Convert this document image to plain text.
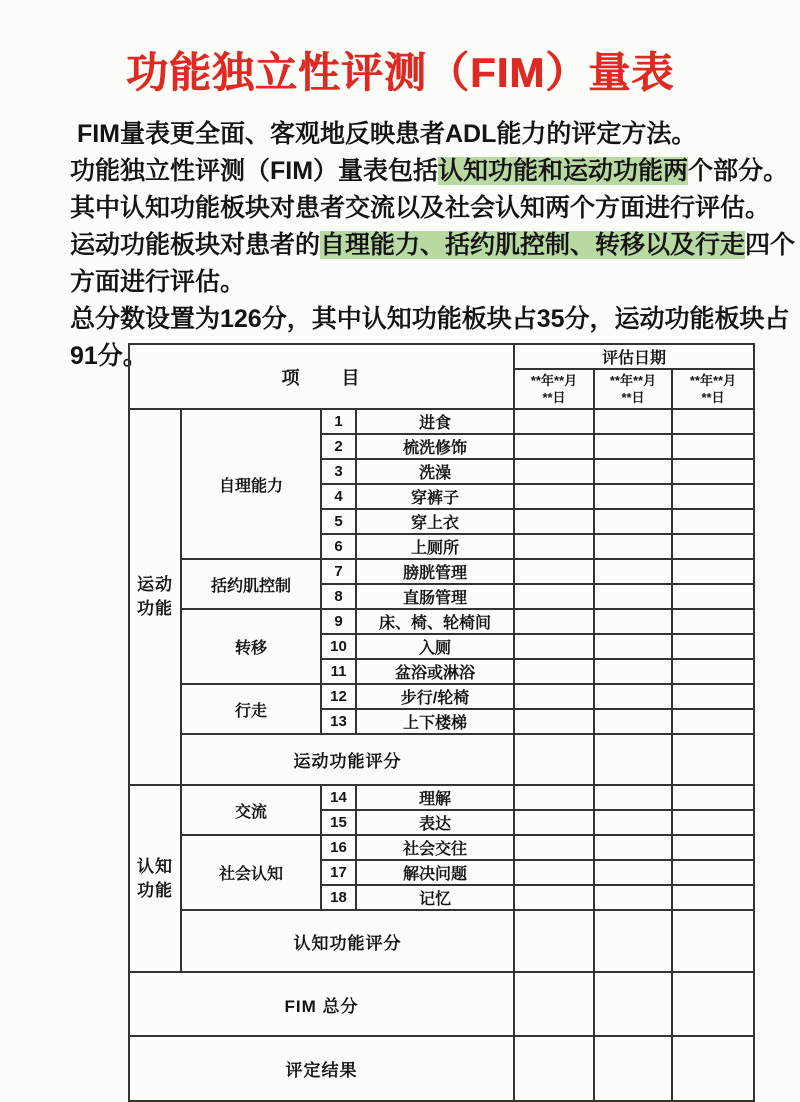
功能独立性评测（FIM）量表
FIM量表更全面、客观地反映患者ADL能力的评定方法。
功能独立性评测（FIM）量表包括认知功能和运动功能两个部分。
其中认知功能板块对患者交流以及社会认知两个方面进行评估。
运动功能板块对患者的自理能力、括约肌控制、转移以及行走四个
方面进行评估。
总分数设置为126分，其中认知功能板块占35分，运动功能板块占
91分。
项　　目				评估日期		

**年**月
**日

**年**月
**日

**年**月
**日

运动
功能	自理能力	1	进食			
		2	梳洗修饰			
		3	洗澡			
		4	穿裤子			
		5	穿上衣			
		6	上厕所			
	括约肌控制	7	膀胱管理			
		8	直肠管理			
	转移	9	床、椅、轮椅间			
		10	入厕			
		11	盆浴或淋浴			
	行走	12	步行/轮椅			
		13	上下楼梯			
	运动功能评分					

认知
功能	交流	14	理解			
		15	表达			
	社会认知	16	社会交往			
		17	解决问题			
		18	记忆			
	认知功能评分					
FIM 总分						
评定结果						
